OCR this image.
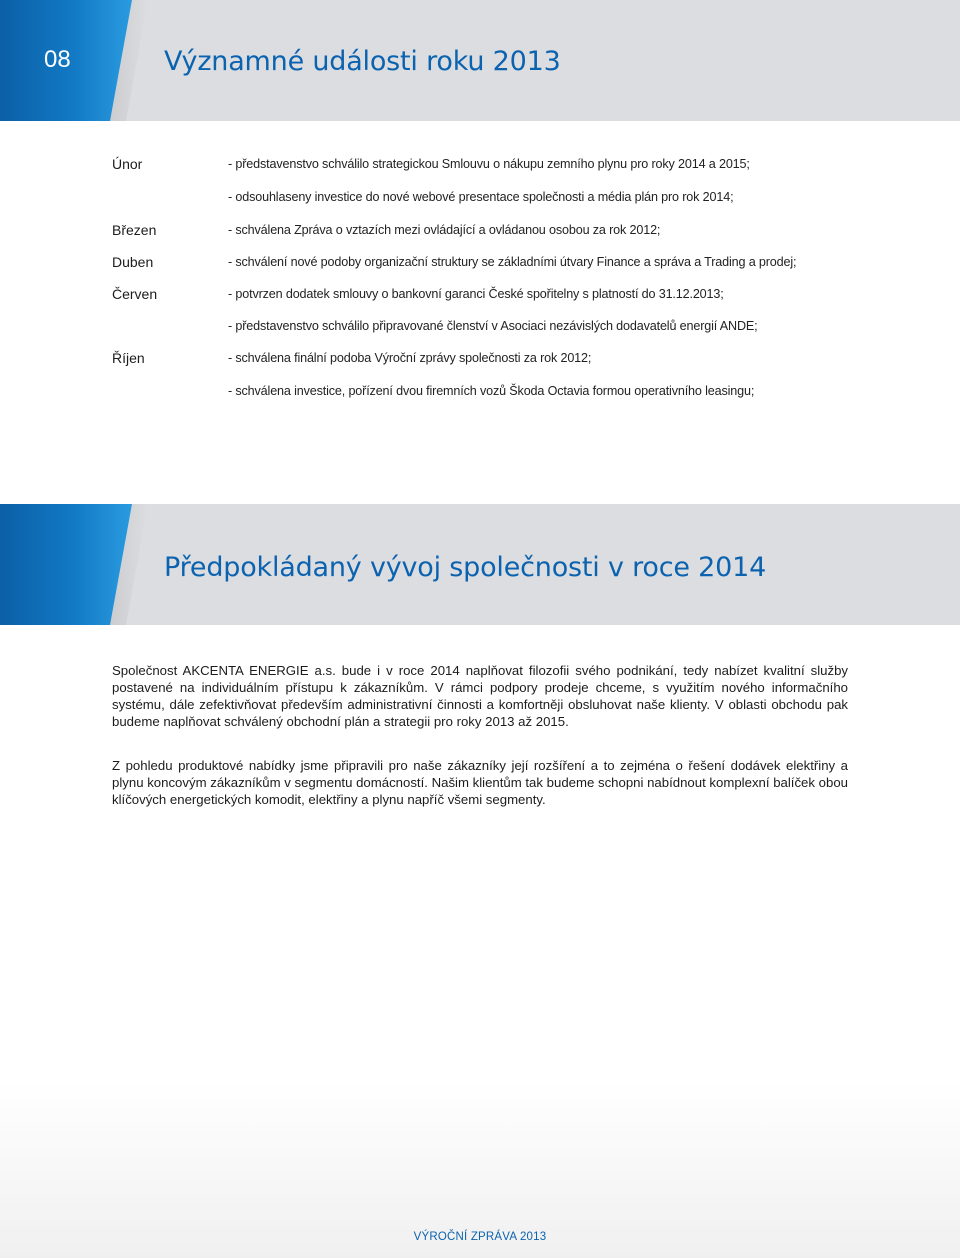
08	Významné události roku 2013
Únor	- představenstvo schválilo strategickou Smlouvu o nákupu zemního plynu pro roky 2014 a 2015;
- odsouhlaseny investice do nové webové presentace společnosti a média plán pro rok 2014;
Březen	- schválena Zpráva o vztazích mezi ovládající a ovládanou osobou za rok 2012;
Duben	- schválení nové podoby organizační struktury se základními útvary Finance a správa a Trading a prodej;
Červen	- potvrzen dodatek smlouvy o bankovní garanci České spořitelny s platností do 31.12.2013;
- představenstvo schválilo připravované členství v Asociaci nezávislých dodavatelů energií ANDE;
Říjen	- schválena finální podoba Výroční zprávy společnosti za rok 2012;
- schválena investice, pořízení dvou firemních vozů Škoda Octavia formou operativního leasingu;
Předpokládaný vývoj společnosti v roce 2014

Společnost AKCENTA ENERGIE a.s. bude i v roce 2014 naplňovat filozofii svého podnikání, tedy nabízet kvalitní služby postavené na individuálním přístupu k zákazníkům. V rámci podpory prodeje chceme, s využitím nového informačního systému, dále zefektivňovat především administrativní činnosti a komfortněji obsluhovat naše klienty. V oblasti obchodu pak budeme naplňovat schválený obchodní plán a strategii pro roky 2013 až 2015.

Z pohledu produktové nabídky jsme připravili pro naše zákazníky její rozšíření a to zejména o řešení dodávek elektřiny a plynu koncovým zákazníkům v segmentu domácností. Našim klientům tak budeme schopni nabídnout komplexní balíček obou klíčových energetických komodit, elektřiny a plynu napříč všemi segmenty.

VÝROČNÍ ZPRÁVA 2013
